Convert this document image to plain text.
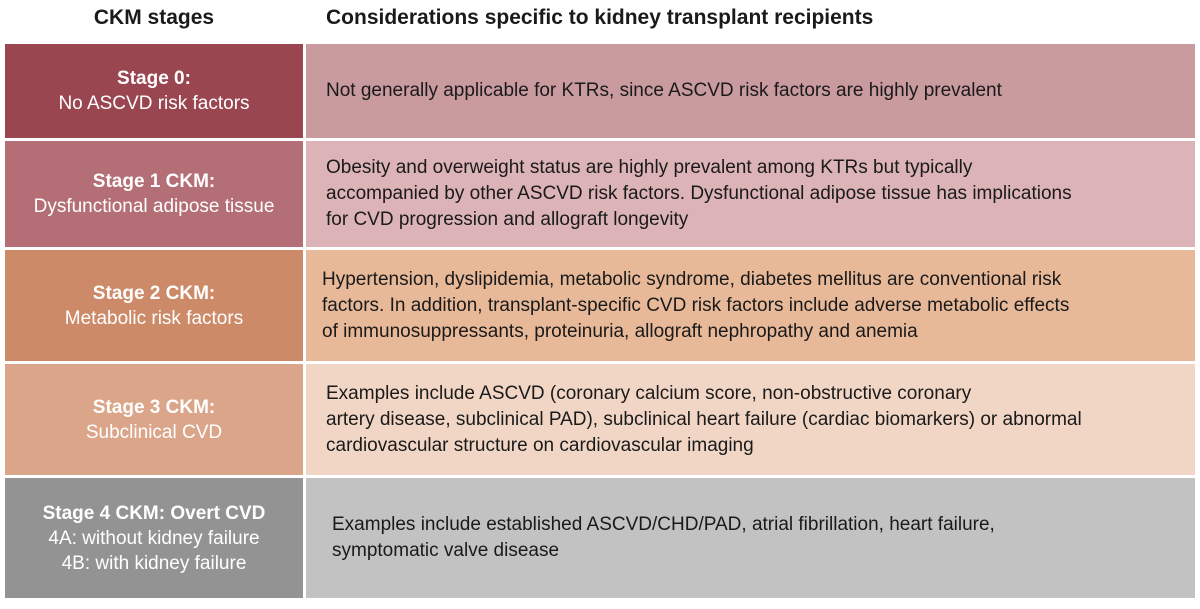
CKM stages	Considerations specific to kidney transplant recipients
Stage 0:
No ASCVD risk factors
Not generally applicable for KTRs, since ASCVD risk factors are highly prevalent
Stage 1 CKM:
Dysfunctional adipose tissue
Obesity and overweight status are highly prevalent among KTRs but typically
accompanied by other ASCVD risk factors. Dysfunctional adipose tissue has implications
for CVD progression and allograft longevity
Stage 2 CKM:
Metabolic risk factors
Hypertension, dyslipidemia, metabolic syndrome, diabetes mellitus are conventional risk
factors. In addition, transplant-specific CVD risk factors include adverse metabolic effects
of immunosuppressants, proteinuria, allograft nephropathy and anemia
Stage 3 CKM:
Subclinical CVD
Examples include ASCVD (coronary calcium score, non-obstructive coronary
artery disease, subclinical PAD), subclinical heart failure (cardiac biomarkers) or abnormal
cardiovascular structure on cardiovascular imaging
Stage 4 CKM: Overt CVD
4A: without kidney failure
4B: with kidney failure
Examples include established ASCVD/CHD/PAD, atrial fibrillation, heart failure,
symptomatic valve disease
